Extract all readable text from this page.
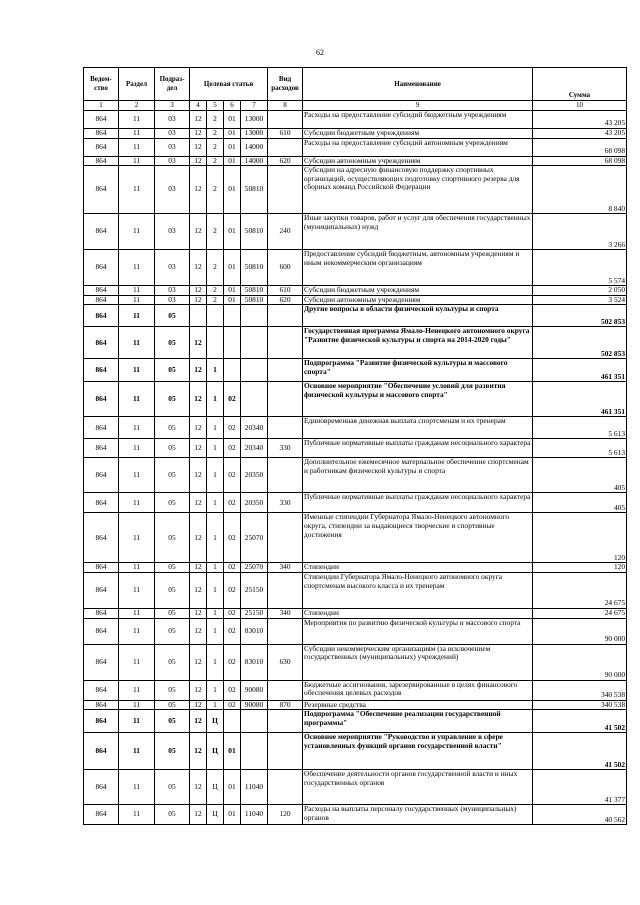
62
Ведом-ство	Раздел	Подраз-дел	Целевая статья				Вид расходов	Наименование	Сумма
1	2	3	4	5	6	7	8	9	10
864	11	03	12	2	01	13000		Расходы на предоставление субсидий бюджетным учреждениям	43 205
864	11	03	12	2	01	13000	610	Субсидии бюджетным учреждениям	43 205
864	11	03	12	2	01	14000		Расходы на предоставление субсидий автономным учреждениям	68 098
864	11	03	12	2	01	14000	620	Субсидии автономным учреждениям	68 098
864	11	03	12	2	01	50810		Субсидии на адресную финансовую поддержку спортивных организаций, осуществляющих подготовку спортивного резерва для сборных команд Российской Федерации	8 840
864	11	03	12	2	01	50810	240	Иные закупки товаров, работ и услуг для обеспечения государственных (муниципальных) нужд	3 266
864	11	03	12	2	01	50810	600	Предоставление субсидий бюджетным, автономным учреждениям и иным некоммерческим организациям	5 574
864	11	03	12	2	01	50810	610	Субсидии бюджетным учреждениям	2 050
864	11	03	12	2	01	50810	620	Субсидии автономным учреждениям	3 524
864	11	05						Другие вопросы в области физической культуры и спорта	502 853
864	11	05	12					Государственная программа Ямало-Ненецкого автономного округа "Развитие физической культуры и спорта на 2014-2020 годы"	502 853
864	11	05	12	1				Подпрограмма "Развитие физической культуры и массового спорта"	461 351
864	11	05	12	1	02			Основное мероприятие "Обеспечение условий для развития физической культуры и массового спорта"	461 351
864	11	05	12	1	02	20340		Единовременная денежная выплата спортсменам и их тренерам	5 613
864	11	05	12	1	02	20340	330	Публичные нормативные выплаты гражданам несоциального характера	5 613
864	11	05	12	1	02	20350		Дополнительное ежемесячное материальное обеспечение спортсменам и работникам физической культуры и спорта	405
864	11	05	12	1	02	20350	330	Публичные нормативные выплаты гражданам несоциального характера	405
864	11	05	12	1	02	25070		Именные стипендии Губернатора Ямало-Ненецкого автономного округа, стипендии за выдающиеся творческие и спортивные достижения	120
864	11	05	12	1	02	25070	340	Стипендии	120
864	11	05	12	1	02	25150		Стипендии Губернатора Ямало-Ненецкого автономного округа спортсменам высокого класса и их тренерам	24 675
864	11	05	12	1	02	25150	340	Стипендии	24 675
864	11	05	12	1	02	83010		Мероприятия по развитию физической культуры и массового спорта	90 000
864	11	05	12	1	02	83010	630	Субсидии некоммерческим организациям (за исключением государственных (муниципальных) учреждений)	90 000
864	11	05	12	1	02	90080		Бюджетные ассигнования, зарезервированные в целях финансового обеспечения целевых расходов	340 538
864	11	05	12	1	02	90080	870	Резервные средства	340 538
864	11	05	12	Ц				Подпрограмма "Обеспечение реализации государственной программы"	41 502
864	11	05	12	Ц	01			Основное мероприятие "Руководство и управление в сфере установленных функций органов государственной власти"	41 502
864	11	05	12	Ц	01	11040		Обеспечение деятельности органов государственной власти и иных государственных органов	41 377
864	11	05	12	Ц	01	11040	120	Расходы на выплаты персоналу государственных (муниципальных) органов	40 562
